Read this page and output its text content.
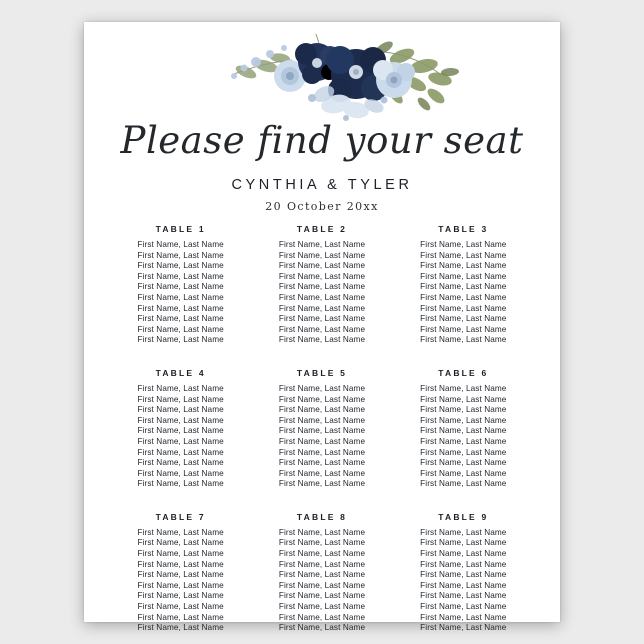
Please find your seat
CYNTHIA & TYLER
20 October 20xx
TABLE 1
First Name, Last Name
First Name, Last Name
First Name, Last Name
First Name, Last Name
First Name, Last Name
First Name, Last Name
First Name, Last Name
First Name, Last Name
First Name, Last Name
First Name, Last Name
TABLE 2
First Name, Last Name
First Name, Last Name
First Name, Last Name
First Name, Last Name
First Name, Last Name
First Name, Last Name
First Name, Last Name
First Name, Last Name
First Name, Last Name
First Name, Last Name
TABLE 3
First Name, Last Name
First Name, Last Name
First Name, Last Name
First Name, Last Name
First Name, Last Name
First Name, Last Name
First Name, Last Name
First Name, Last Name
First Name, Last Name
First Name, Last Name
TABLE 4
First Name, Last Name
First Name, Last Name
First Name, Last Name
First Name, Last Name
First Name, Last Name
First Name, Last Name
First Name, Last Name
First Name, Last Name
First Name, Last Name
First Name, Last Name
TABLE 5
First Name, Last Name
First Name, Last Name
First Name, Last Name
First Name, Last Name
First Name, Last Name
First Name, Last Name
First Name, Last Name
First Name, Last Name
First Name, Last Name
First Name, Last Name
TABLE 6
First Name, Last Name
First Name, Last Name
First Name, Last Name
First Name, Last Name
First Name, Last Name
First Name, Last Name
First Name, Last Name
First Name, Last Name
First Name, Last Name
First Name, Last Name
TABLE 7
First Name, Last Name
First Name, Last Name
First Name, Last Name
First Name, Last Name
First Name, Last Name
First Name, Last Name
First Name, Last Name
First Name, Last Name
First Name, Last Name
First Name, Last Name
TABLE 8
First Name, Last Name
First Name, Last Name
First Name, Last Name
First Name, Last Name
First Name, Last Name
First Name, Last Name
First Name, Last Name
First Name, Last Name
First Name, Last Name
First Name, Last Name
TABLE 9
First Name, Last Name
First Name, Last Name
First Name, Last Name
First Name, Last Name
First Name, Last Name
First Name, Last Name
First Name, Last Name
First Name, Last Name
First Name, Last Name
First Name, Last Name
